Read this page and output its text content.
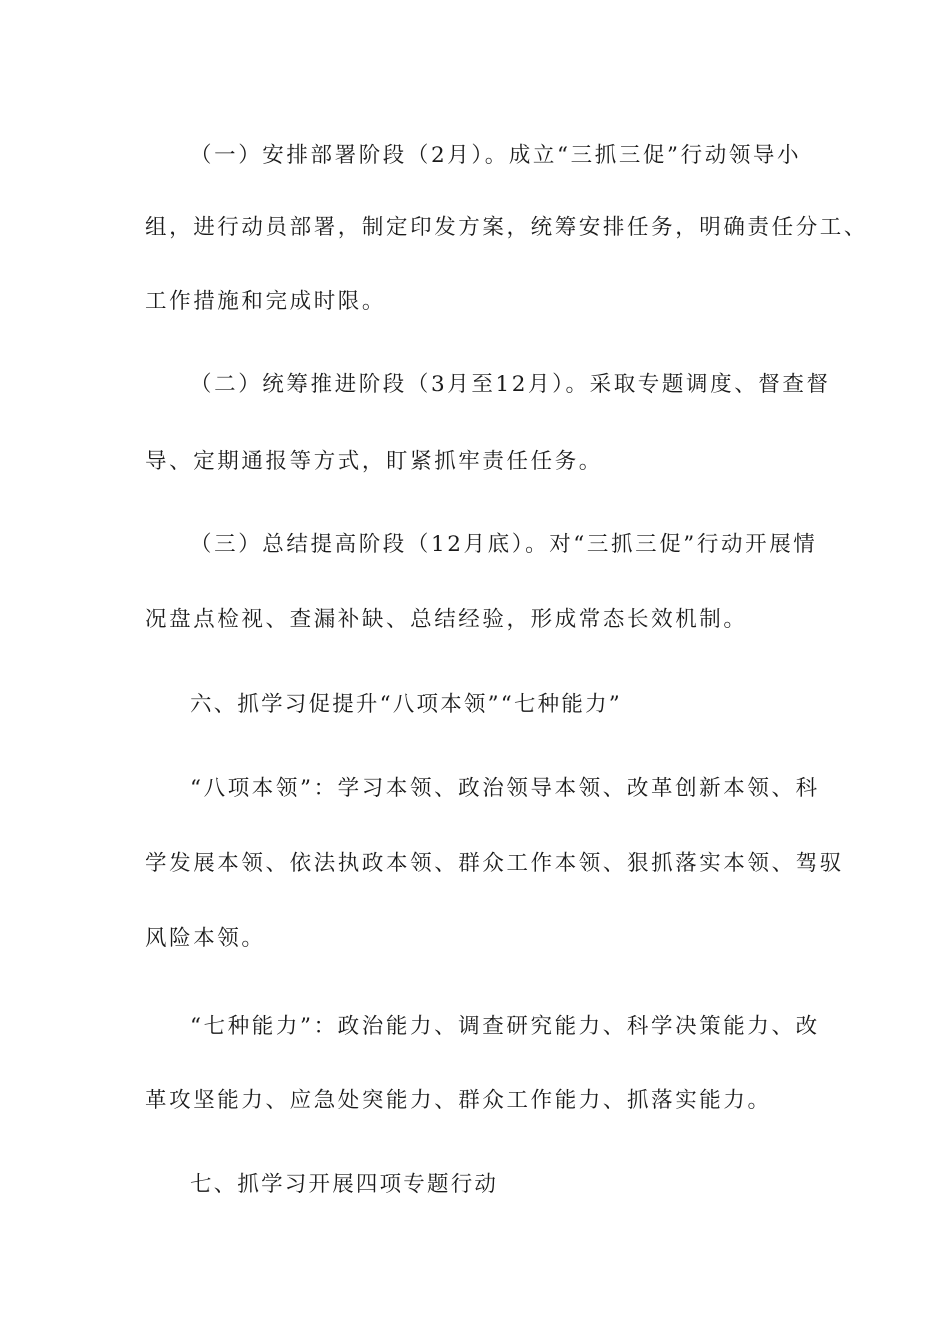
（一）安排部署阶段（2月）。成立“三抓三促”行动领导小
组，进行动员部署，制定印发方案，统筹安排任务，明确责任分工、
工作措施和完成时限。
（二）统筹推进阶段（3月至12月）。采取专题调度、督查督
导、定期通报等方式，盯紧抓牢责任任务。
（三）总结提高阶段（12月底）。对“三抓三促”行动开展情
况盘点检视、查漏补缺、总结经验，形成常态长效机制。
六、抓学习促提升“八项本领”“七种能力”
“八项本领”：学习本领、政治领导本领、改革创新本领、科
学发展本领、依法执政本领、群众工作本领、狠抓落实本领、驾驭
风险本领。
“七种能力”：政治能力、调查研究能力、科学决策能力、改
革攻坚能力、应急处突能力、群众工作能力、抓落实能力。
七、抓学习开展四项专题行动
